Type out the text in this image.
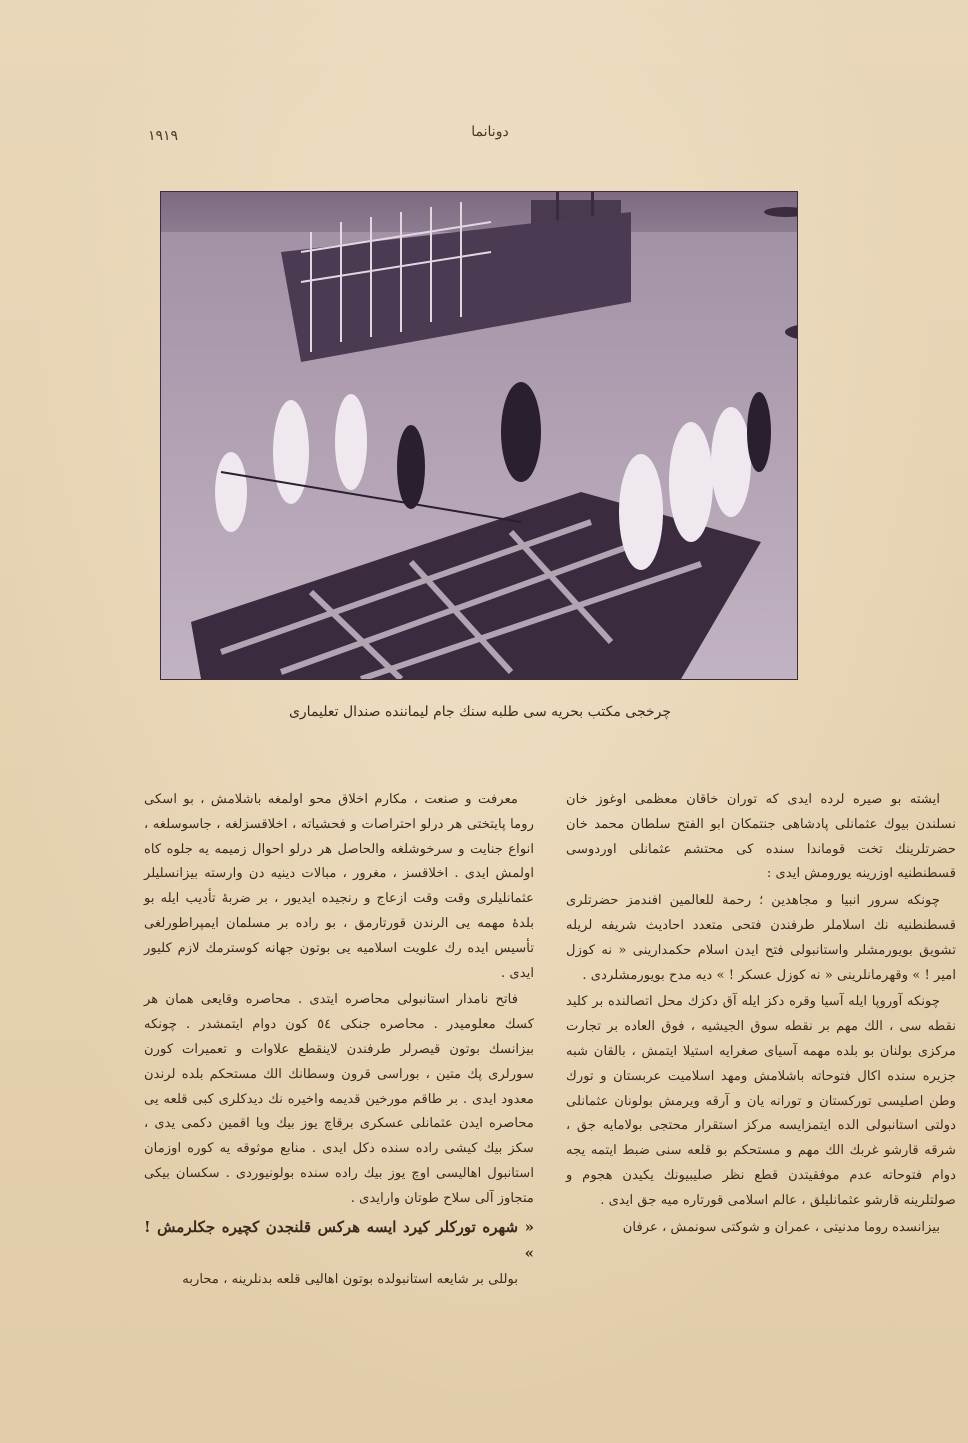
۱۹۱۹	دونانما
چرخجی مکتب بحریه سی طلبه سنك جام لیماننده صندال تعلیماری

ایشته بو صیره لرده ایدی که توران خاقان معظمی اوغوز خان نسلندن بیوك عثمانلی پادشاهی جنتمکان ابو الفتح سلطان محمد خان حضرتلرینك تخت قوماندا سنده کی محتشم عثمانلی اوردوسی قسطنطنیه اوزرینه یورومش ایدی :

چونکه سرور انبیا و مجاهدین ؛ رحمة للعالمین افندمز حضرتلری قسطنطنیه نك اسلاملر طرفندن فتحی متعدد احادیث شریفه لریله تشویق بویورمشلر واستانبولی فتح ایدن اسلام حکمدارینی « نه کوزل امیر ! » وقهرمانلرینی « نه کوزل عسکر ! » دیه مدح بویورمشلردی .

چونکه آوروپا ایله آسیا وقره دکز ایله آق دکزك محل اتصالنده بر کلید نقطه سی ، الك مهم بر نقطه سوق الجیشیه ، فوق العاده بر تجارت مرکزی بولنان بو بلده مهمه آسیای صغرایه استیلا ایتمش ، بالقان شبه جزیره سنده اکال فتوحاته باشلامش ومهد اسلامیت عربستان و تورك وطن اصلیسی تورکستان و تورانه یان و آرقه ویرمش بولونان عثمانلی دولتی استانبولی الده ایتمزایسه مرکز استقرار محتجی بولامایه جق ، شرقه قارشو غربك الك مهم و مستحکم بو قلعه سنی ضبط ایتمه یجه دوام فتوحاته عدم موفقیتدن قطع نظر صلیبیونك یکیدن هجوم و صولتلرینه قارشو عثمانلیلق ، عالم اسلامی قورتاره میه جق ایدی .

بیزانسده روما مدنیتی ، عمران و شوکتی سونمش ، عرفان

معرفت و صنعت ، مکارم اخلاق محو اولمغه باشلامش ، بو اسکی روما پایتختی هر درلو احتراصات و فحشیاته ، اخلاقسزلغه ، جاسوسلغه ، انواع جنایت و سرخوشلغه والحاصل هر درلو احوال زمیمه یه جلوه کاه اولمش ایدی . اخلاقسز ، مغرور ، مبالات دینیه دن وارسته بیزانسلیلر عثمانلیلری وقت وقت ازعاج و رنجیده ایدیور ، بر ضربهٔ تأدیب ایله بو بلدهٔ مهمه یی الرندن قورتارمق ، بو راده بر مسلمان ایمپراطورلغی تأسیس ایده رك علویت اسلامیه یی بوتون جهانه کوسترمك لازم کلیور ایدی .

فاتح نامدار استانبولی محاصره ایتدی . محاصره وقایعی همان هر کسك معلومیدر . محاصره جنکی ٥٤ کون دوام ایتمشدر . چونکه بیزانسك بوتون قیصرلر طرفندن لاینقطع علاوات و تعمیرات کورن سورلری پك متین ، بوراسی قرون وسطانك الك مستحکم بلده لرندن معدود ایدی . بر طاقم مورخین قدیمه واخیره نك دیدکلری کبی قلعه یی محاصره ایدن عثمانلی عسکری برقاچ یوز بیك ویا اقمین دکمی یدی ، سکز بیك کیشی راده سنده دکل ایدی . منابع موثوقه یه کوره اوزمان استانبول اهالیسی اوچ یوز بیك راده سنده بولونیوردی . سکسان بیکی متجاوز آلی سلاح طوتان وارایدی .

« شهره تورکلر کیرد ایسه هرکس قلنجدن کچیره جکلرمش ! »

بوللی بر شایعه استانبولده بوتون اهالیی قلعه بدنلرینه ، محاربه
